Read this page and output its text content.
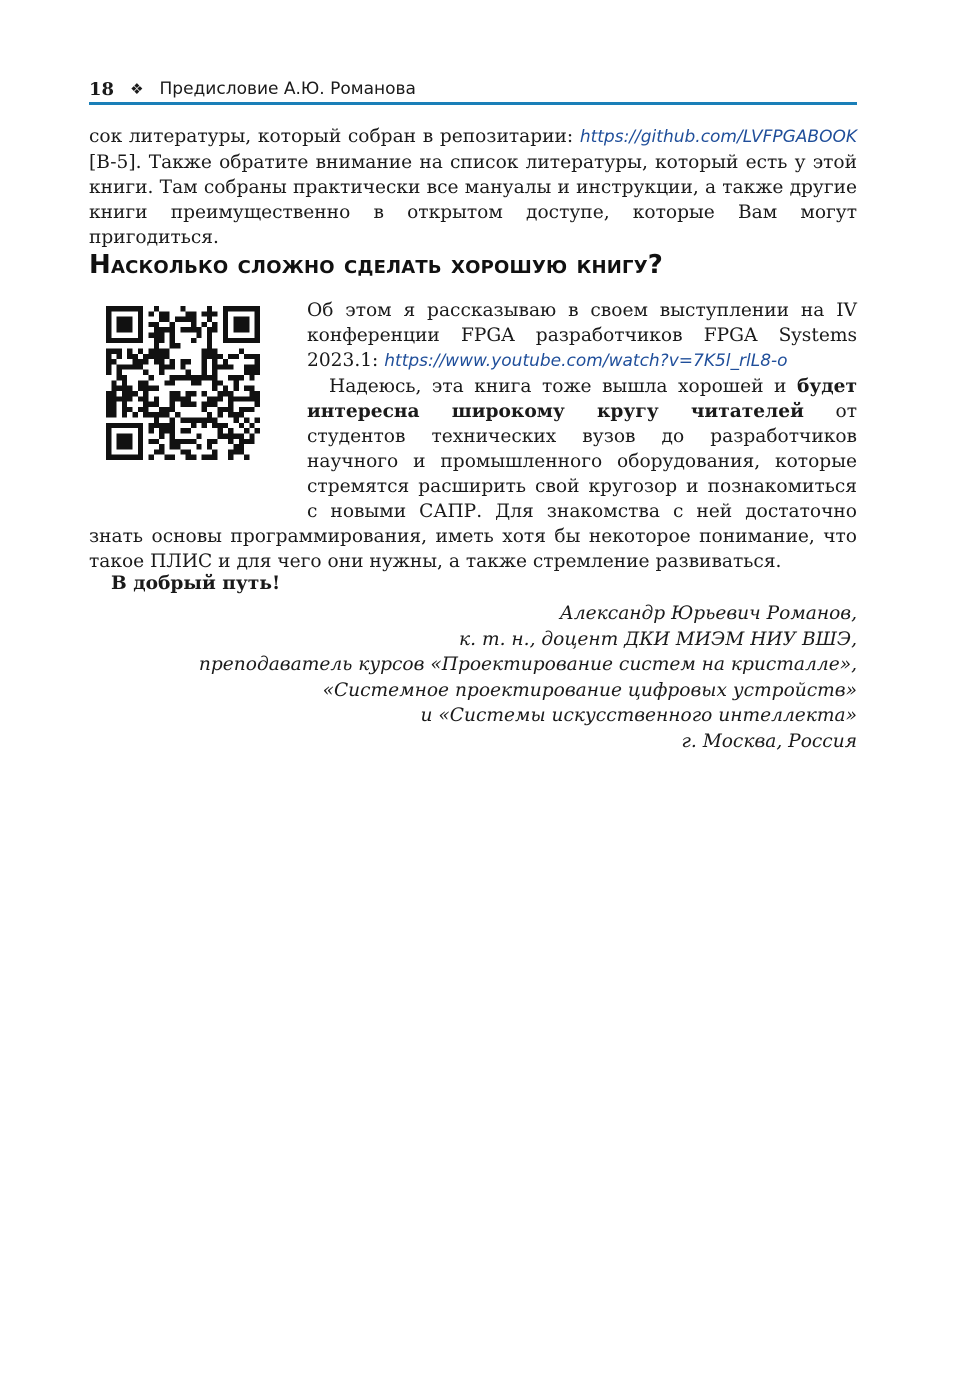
18 ❖ Предисловие А.Ю. Романова

сок литературы, который собран в репозитарии: https://github.com/LVFPGABOOK [B-5]. Также обратите внимание на список литературы, который есть у этой книги. Там собраны практически все мануалы и инструкции, а также другие книги преимущественно в открытом доступе, которые Вам могут пригодиться.

Насколько сложно сделать хорошую книгу?
Об этом я рассказываю в своем выступлении на IV конференции FPGA разработчиков FPGA Systems 2023.1: https://www.youtube.com/watch?v=7K5l_rlL8-o
Надеюсь, эта книга тоже вышла хорошей и будет интересна широкому кругу читателей от студентов технических вузов до разработчиков научного и промышленного оборудования, которые стремятся расширить свой кругозор и познакомиться с новыми САПР. Для знакомства с ней достаточно знать основы программирования, иметь хотя бы некоторое понимание, что такое ПЛИС и для чего они нужны, а также стремление развиваться.
В добрый путь!
Александр Юрьевич Романов,
к. т. н., доцент ДКИ МИЭМ НИУ ВШЭ,
преподаватель курсов «Проектирование систем на кристалле»,
«Системное проектирование цифровых устройств»
и «Системы искусственного интеллекта»
г. Москва, Россия
